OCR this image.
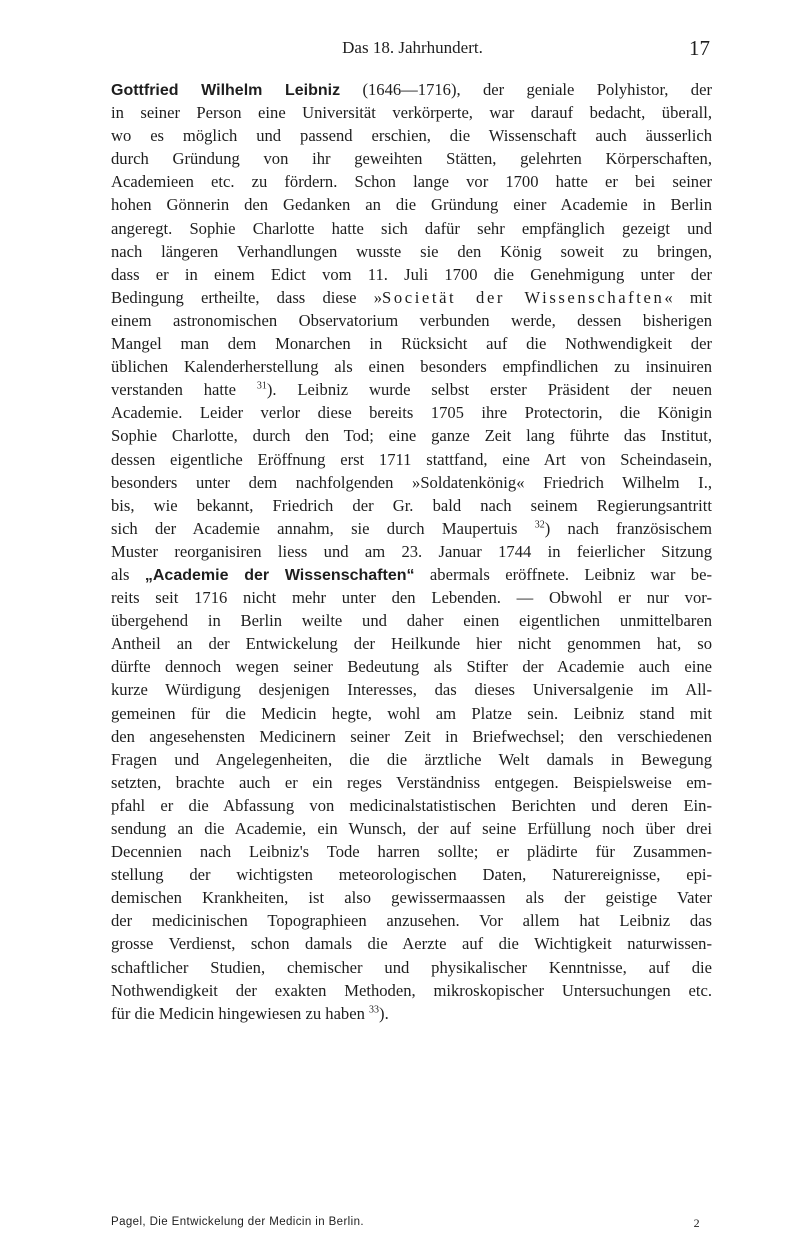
Das 18. Jahrhundert.	17
Gottfried Wilhelm Leibniz (1646—1716), der geniale Polyhistor, der
in seiner Person eine Universität verkörperte, war darauf bedacht, überall,
wo es möglich und passend erschien, die Wissenschaft auch äusserlich
durch Gründung von ihr geweihten Stätten, gelehrten Körperschaften,
Academieen etc. zu fördern. Schon lange vor 1700 hatte er bei seiner
hohen Gönnerin den Gedanken an die Gründung einer Academie in Berlin
angeregt. Sophie Charlotte hatte sich dafür sehr empfänglich gezeigt und
nach längeren Verhandlungen wusste sie den König soweit zu bringen,
dass er in einem Edict vom 11. Juli 1700 die Genehmigung unter der
Bedingung ertheilte, dass diese »Societät der Wissenschaften« mit
einem astronomischen Observatorium verbunden werde, dessen bisherigen
Mangel man dem Monarchen in Rücksicht auf die Nothwendigkeit der
üblichen Kalenderherstellung als einen besonders empfindlichen zu insinuiren
verstanden hatte $^{31}$). Leibniz wurde selbst erster Präsident der neuen
Academie. Leider verlor diese bereits 1705 ihre Protectorin, die Königin
Sophie Charlotte, durch den Tod; eine ganze Zeit lang führte das Institut,
dessen eigentliche Eröffnung erst 1711 stattfand, eine Art von Scheindasein,
besonders unter dem nachfolgenden »Soldatenkönig« Friedrich Wilhelm I.,
bis, wie bekannt, Friedrich der Gr. bald nach seinem Regierungsantritt
sich der Academie annahm, sie durch Maupertuis $^{32}$) nach französischem
Muster reorganisiren liess und am 23. Januar 1744 in feierlicher Sitzung
als „Academie der Wissenschaften“ abermals eröffnete. Leibniz war be-
reits seit 1716 nicht mehr unter den Lebenden. — Obwohl er nur vor-
übergehend in Berlin weilte und daher einen eigentlichen unmittelbaren
Antheil an der Entwickelung der Heilkunde hier nicht genommen hat, so
dürfte dennoch wegen seiner Bedeutung als Stifter der Academie auch eine
kurze Würdigung desjenigen Interesses, das dieses Universalgenie im All-
gemeinen für die Medicin hegte, wohl am Platze sein. Leibniz stand mit
den angesehensten Medicinern seiner Zeit in Briefwechsel; den verschiedenen
Fragen und Angelegenheiten, die die ärztliche Welt damals in Bewegung
setzten, brachte auch er ein reges Verständniss entgegen. Beispielsweise em-
pfahl er die Abfassung von medicinalstatistischen Berichten und deren Ein-
sendung an die Academie, ein Wunsch, der auf seine Erfüllung noch über drei
Decennien nach Leibniz's Tode harren sollte; er plädirte für Zusammen-
stellung der wichtigsten meteorologischen Daten, Naturereignisse, epi-
demischen Krankheiten, ist also gewissermaassen als der geistige Vater
der medicinischen Topographieen anzusehen. Vor allem hat Leibniz das
grosse Verdienst, schon damals die Aerzte auf die Wichtigkeit naturwissen-
schaftlicher Studien, chemischer und physikalischer Kenntnisse, auf die
Nothwendigkeit der exakten Methoden, mikroskopischer Untersuchungen etc.
für die Medicin hingewiesen zu haben $^{33}$).
Pagel, Die Entwickelung der Medicin in Berlin.	2
